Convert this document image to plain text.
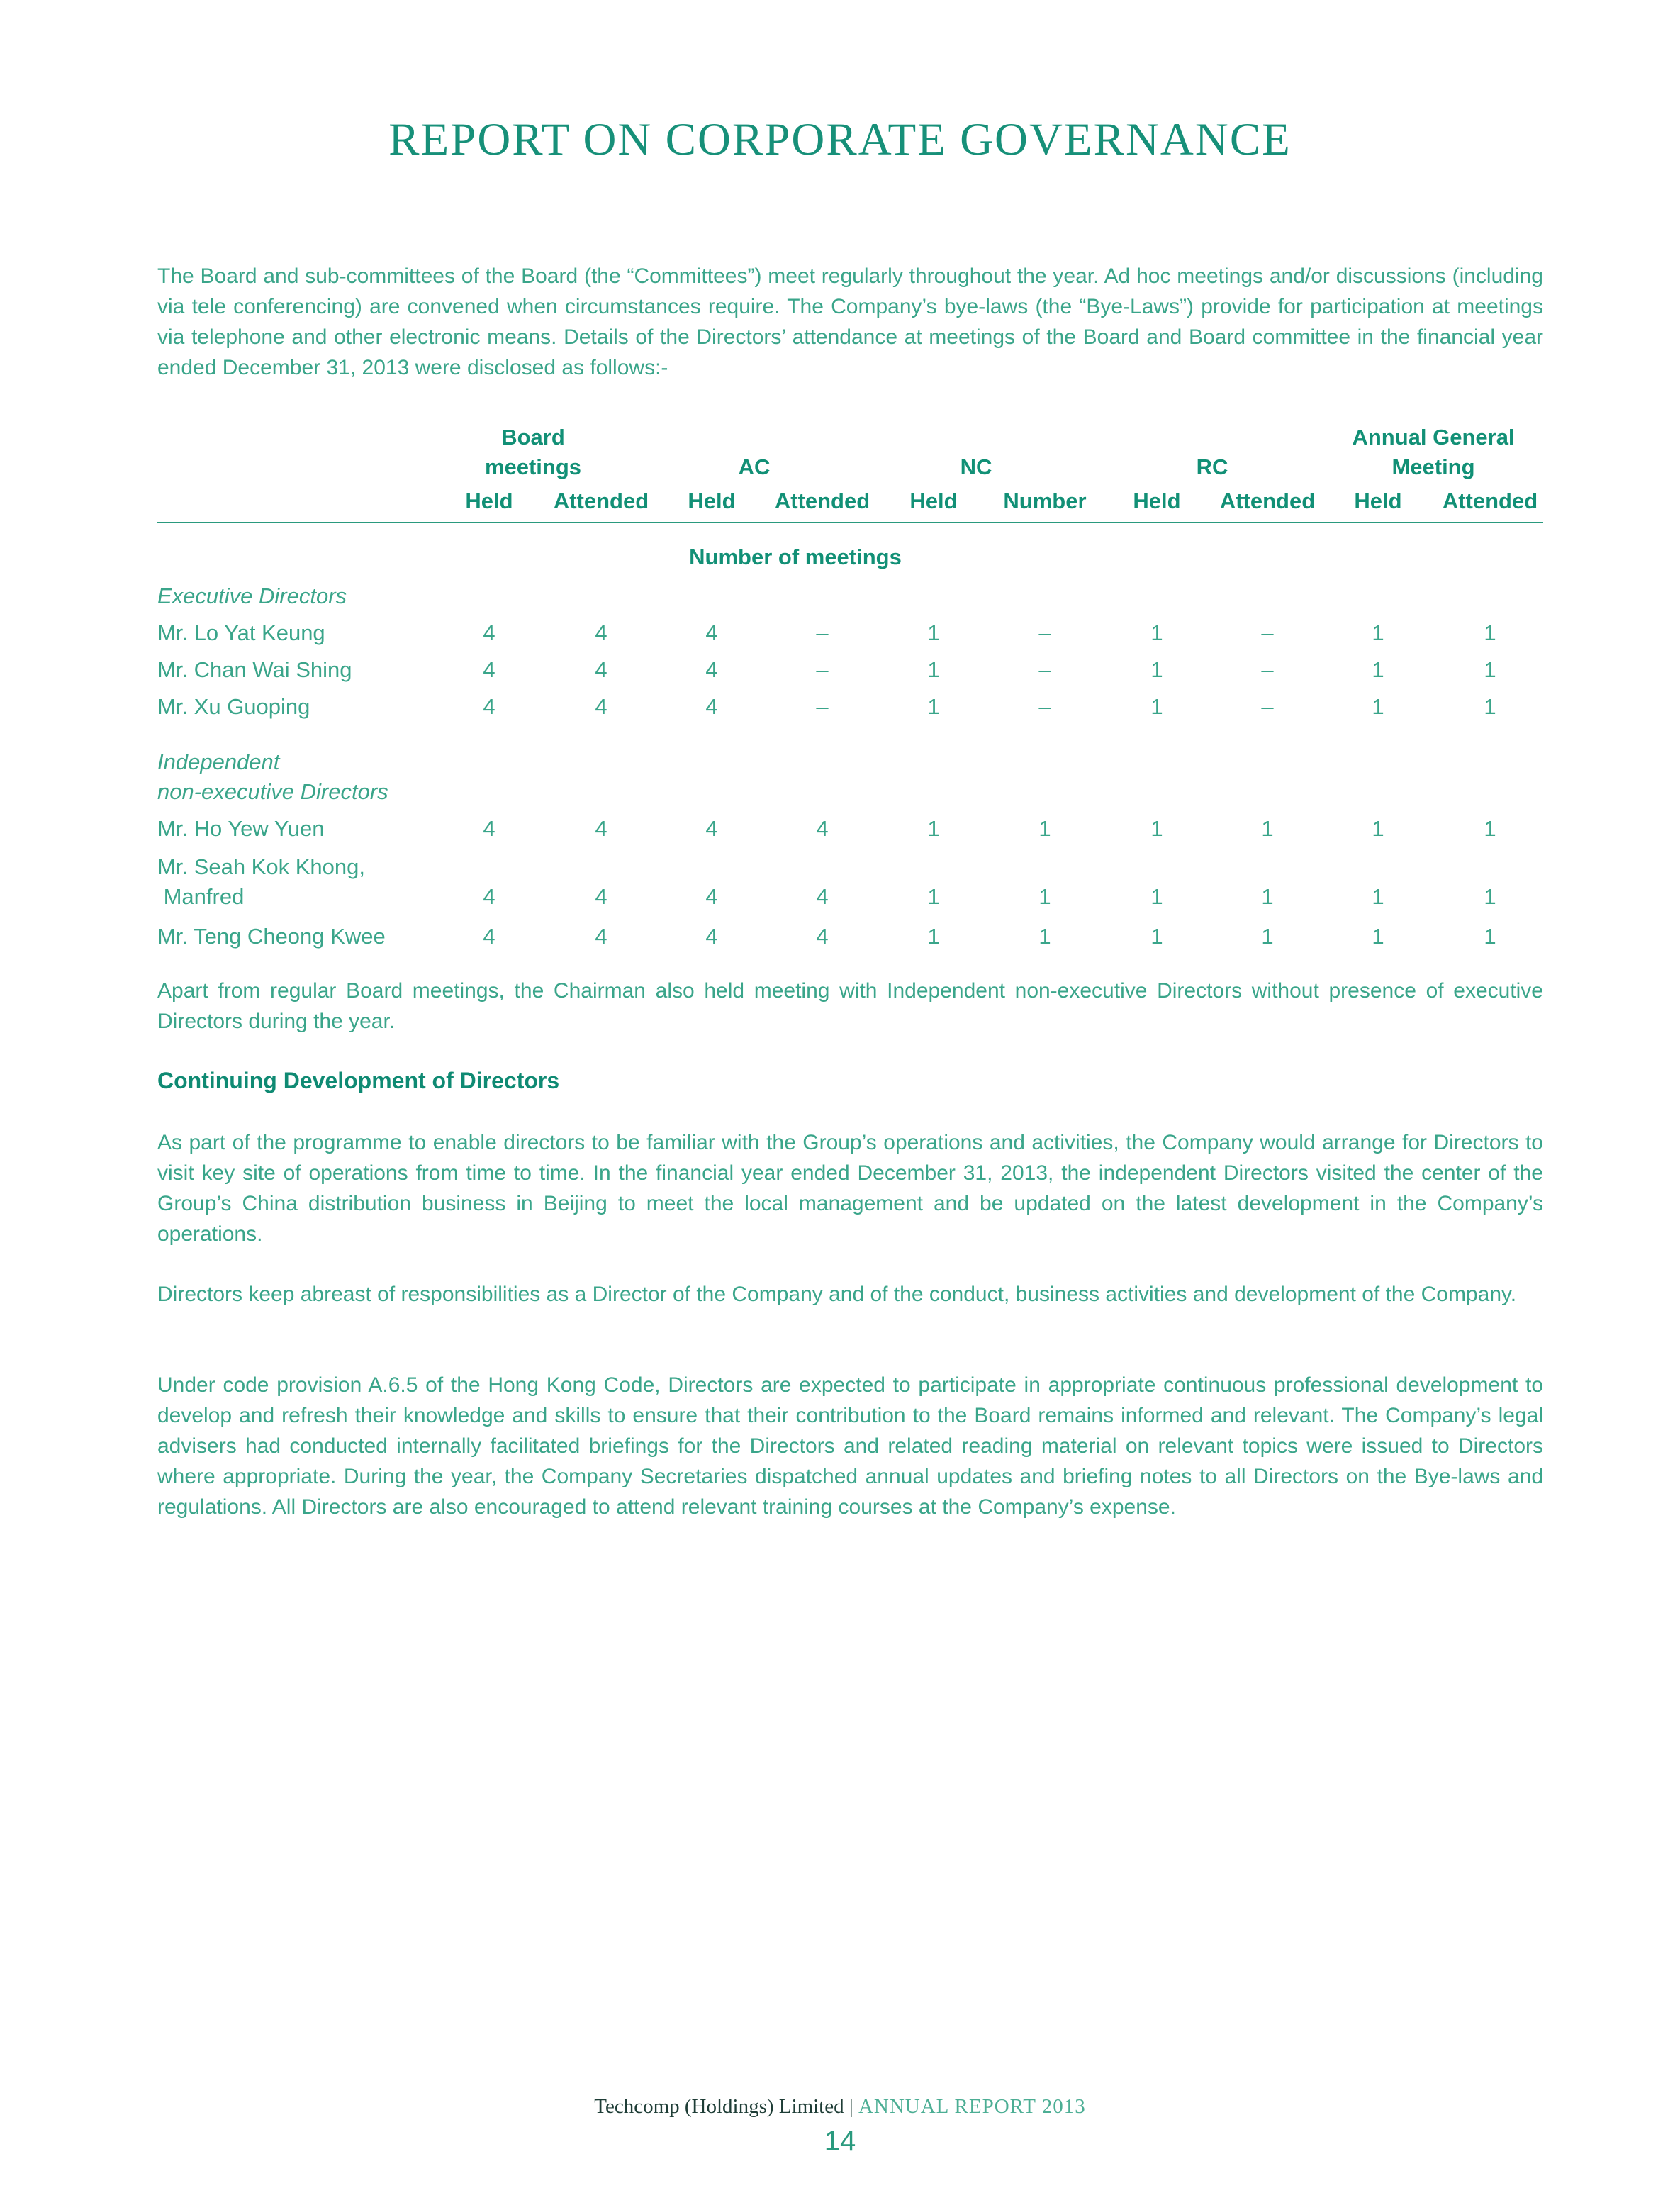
REPORT ON CORPORATE GOVERNANCE

The Board and sub-committees of the Board (the “Committees”) meet regularly throughout the year. Ad hoc meetings and/or discussions (including via tele conferencing) are convened when circumstances require. The Company’s bye-laws (the “Bye-Laws”) provide for participation at meetings via telephone and other electronic means. Details of the Directors’ attendance at meetings of the Board and Board committee in the financial year ended December 31, 2013 were disclosed as follows:-

Board
meetings	AC	NC	RC
Annual General
Meeting
Held	Attended	Held	Attended	Held	Number	Held	Attended	Held	Attended
Number of meetings
Executive Directors
Mr. Lo Yat Keung	4	4	4	–	1	–	1	–	1	1
Mr. Chan Wai Shing	4	4	4	–	1	–	1	–	1	1
Mr. Xu Guoping	4	4	4	–	1	–	1	–	1	1
Independent
non-executive Directors
Mr. Ho Yew Yuen	4	4	4	4	1	1	1	1	1	1
Mr. Seah Kok Khong,
Manfred	4	4	4	4	1	1	1	1	1	1
Mr. Teng Cheong Kwee	4	4	4	4	1	1	1	1	1	1

Apart from regular Board meetings, the Chairman also held meeting with Independent non-executive Directors without presence of executive Directors during the year.

Continuing Development of Directors

As part of the programme to enable directors to be familiar with the Group’s operations and activities, the Company would arrange for Directors to visit key site of operations from time to time. In the financial year ended December 31, 2013, the independent Directors visited the center of the Group’s China distribution business in Beijing to meet the local management and be updated on the latest development in the Company’s operations.

Directors keep abreast of responsibilities as a Director of the Company and of the conduct, business activities and development of the Company.

Under code provision A.6.5 of the Hong Kong Code, Directors are expected to participate in appropriate continuous professional development to develop and refresh their knowledge and skills to ensure that their contribution to the Board remains informed and relevant. The Company’s legal advisers had conducted internally facilitated briefings for the Directors and related reading material on relevant topics were issued to Directors where appropriate. During the year, the Company Secretaries dispatched annual updates and briefing notes to all Directors on the Bye-laws and regulations. All Directors are also encouraged to attend relevant training courses at the Company’s expense.

Techcomp (Holdings) Limited | ANNUAL REPORT 2013
14
